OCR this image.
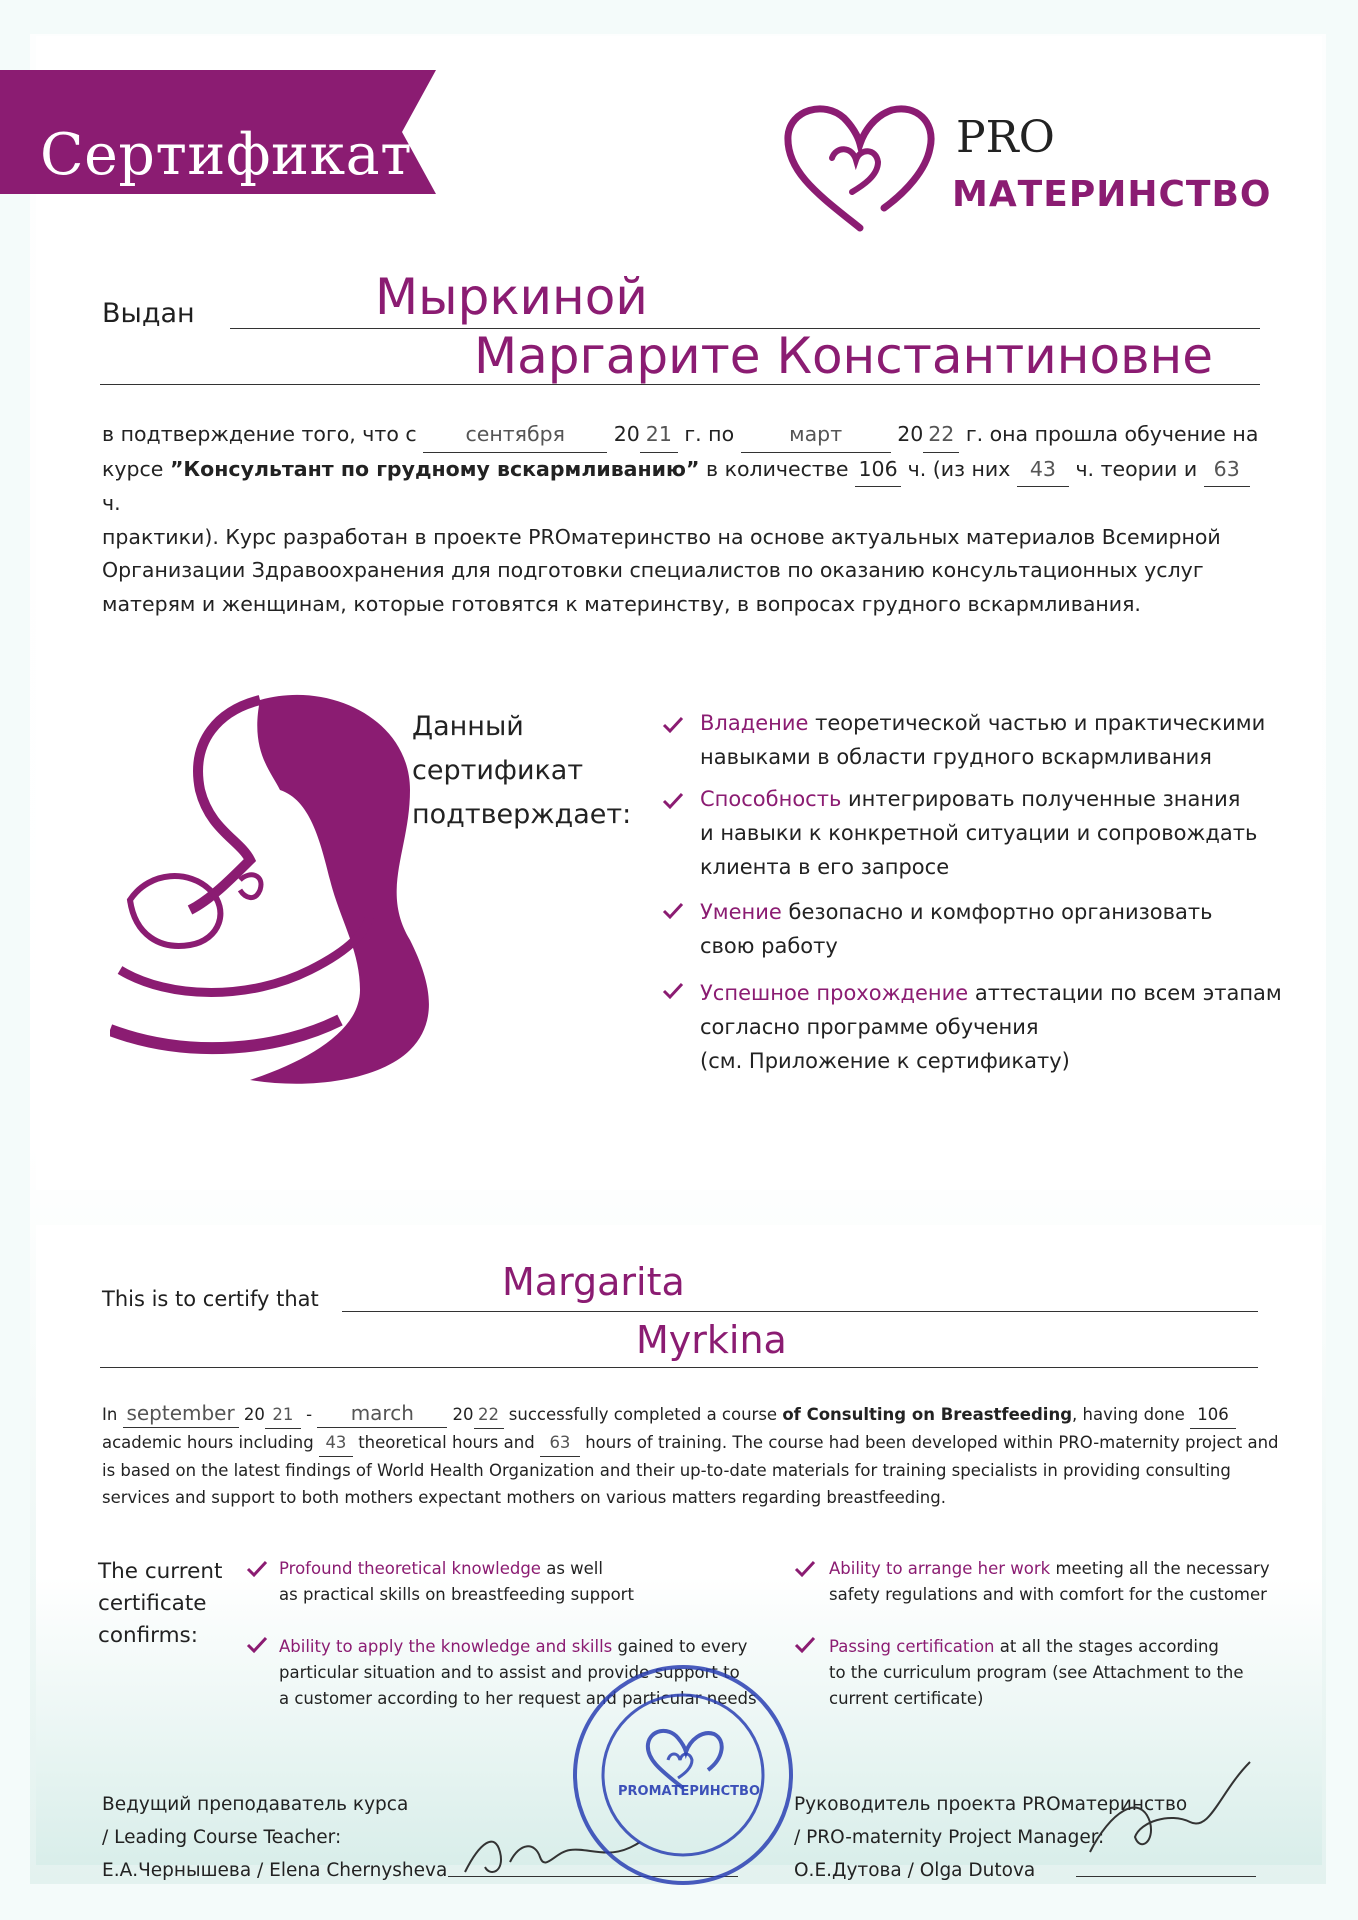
Сертификат	PRO
МАТЕРИНСТВО
Выдан	Мыркиной
Маргарите Константиновне
в подтверждение того, что с сентября 20 21 г. по	март	20 22 г. она прошла обучение на
курсе ”Консультант по грудному вскармливанию” в количестве 106 ч. (из них 43 ч. теории и 63 ч.
практики). Курс разработан в проекте PROматеринство на основе актуальных материалов Всемирной
Организации Здравоохранения для подготовки специалистов по оказанию консультационных услуг
матерям и женщинам, которые готовятся к материнству, в вопросах грудного вскармливания.
Данный
сертификат
подтверждает:
Владение теоретической частью и практическими
навыками в области грудного вскармливания
Способность интегрировать полученные знания
и навыки к конкретной ситуации и сопровождать
клиента в его запросе
Умение безопасно и комфортно организовать
свою работу
Успешное прохождение аттестации по всем этапам
согласно программе обучения
(см. Приложение к сертификату)
This is to certify that	Margarita
Myrkina
In september 20 21 - march 20 22 successfully completed a course of Consulting on Breastfeeding, having done 106
academic hours including 43 theoretical hours and 63 hours of training. The course had been developed within PRO-maternity project and
is based on the latest findings of World Health Organization and their up-to-date materials for training specialists in providing consulting
services and support to both mothers expectant mothers on various matters regarding breastfeeding.
The current
certificate
confirms:
Profound theoretical knowledge as well
as practical skills on breastfeeding support
Ability to apply the knowledge and skills gained to every
particular situation and to assist and provide support to
a customer according to her request and particular needs
Ability to arrange her work meeting all the necessary
safety regulations and with comfort for the customer
Passing certification at all the stages according
to the curriculum program (see Attachment to the
current certificate)
Ведущий преподаватель курса
/ Leading Course Teacher:
Е.А.Чернышева / Elena Chernysheva
Руководитель проекта PROматеринство
/ PRO-maternity Project Manager:
О.Е.Дутова / Olga Dutova
PROМАТЕРИНСТВО
